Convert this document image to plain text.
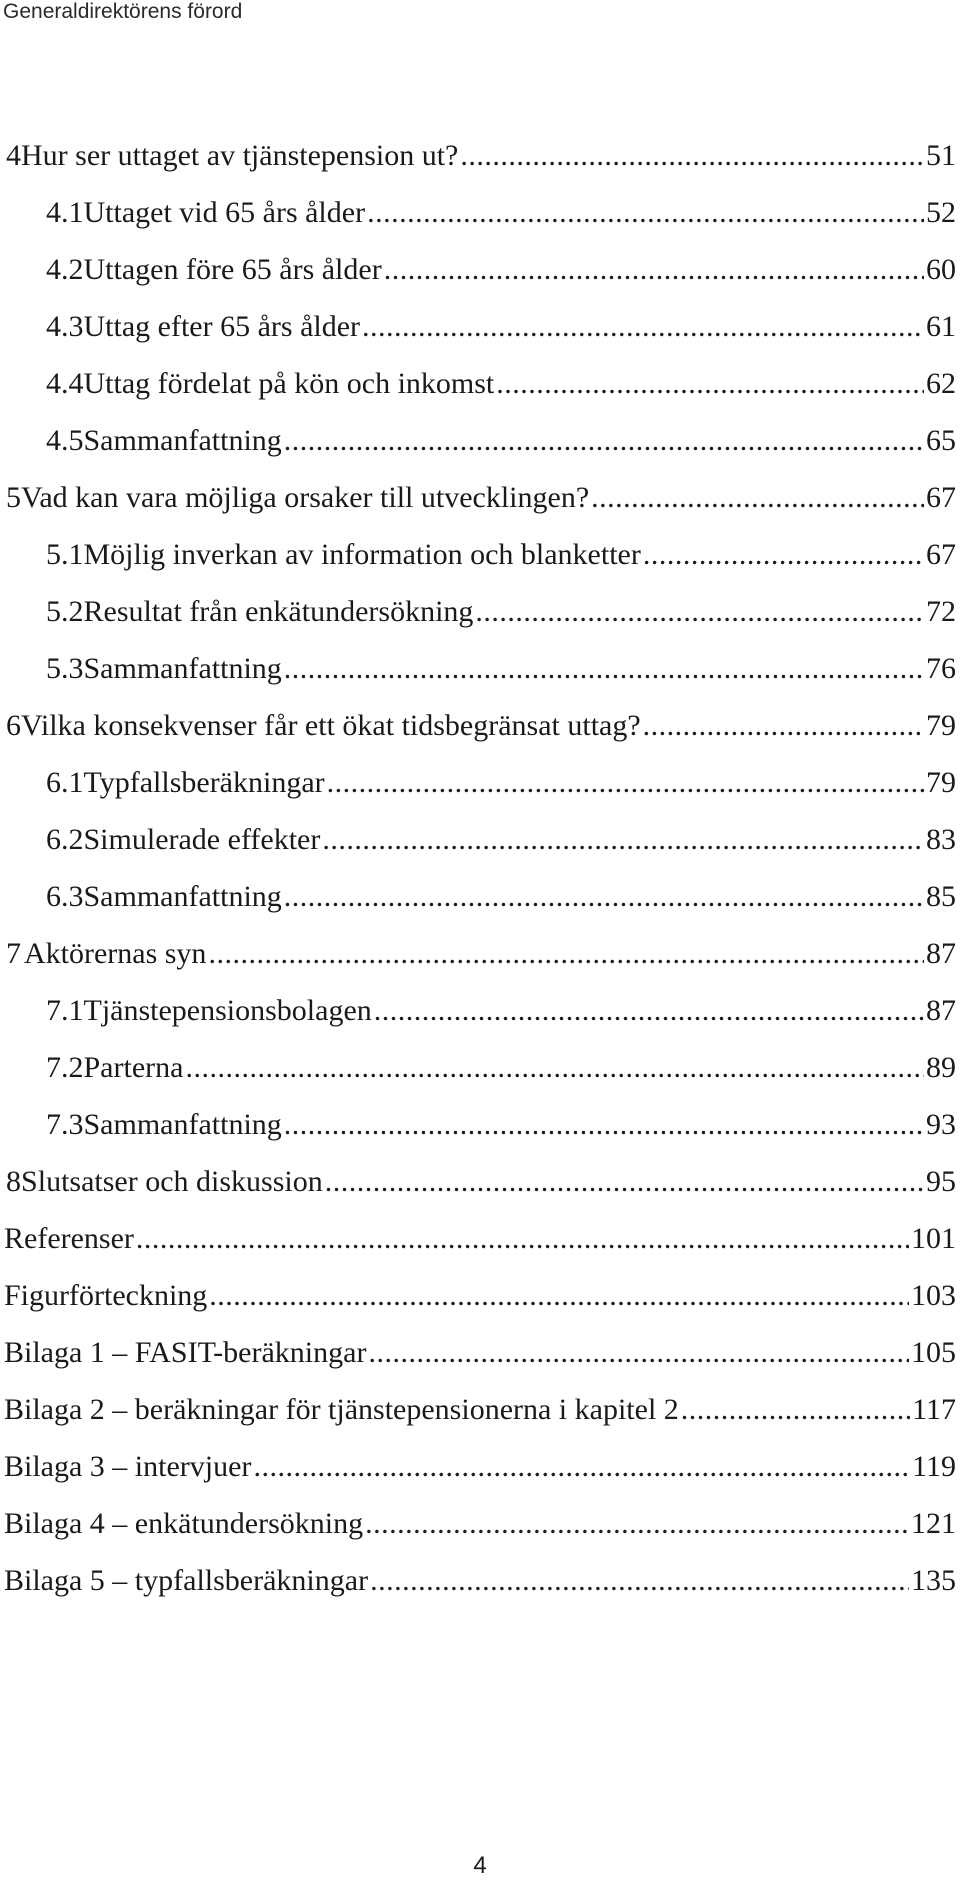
Generaldirektörens förord
4 Hur ser uttaget av tjänstepension ut? .....	51
4.1 Uttaget vid 65 års ålder .....	52
4.2 Uttagen före 65 års ålder .....	60
4.3 Uttag efter 65 års ålder .....	61
4.4 Uttag fördelat på kön och inkomst .....	62
4.5 Sammanfattning .....	65
5 Vad kan vara möjliga orsaker till utvecklingen? .....	67
5.1 Möjlig inverkan av information och blanketter .....	67
5.2 Resultat från enkätundersökning .....	72
5.3 Sammanfattning .....	76
6 Vilka konsekvenser får ett ökat tidsbegränsat uttag? .....	79
6.1 Typfallsberäkningar .....	79
6.2 Simulerade effekter .....	83
6.3 Sammanfattning .....	85
7 Aktörernas syn .....	87
7.1 Tjänstepensionsbolagen .....	87
7.2 Parterna .....	89
7.3 Sammanfattning .....	93
8 Slutsatser och diskussion .....	95
Referenser .....	101
Figurförteckning .....	103
Bilaga 1 – FASIT-beräkningar .....	105
Bilaga 2 – beräkningar för tjänstepensionerna i kapitel 2 .....	117
Bilaga 3 – intervjuer .....	119
Bilaga 4 – enkätundersökning .....	121
Bilaga 5 – typfallsberäkningar .....	135
4
